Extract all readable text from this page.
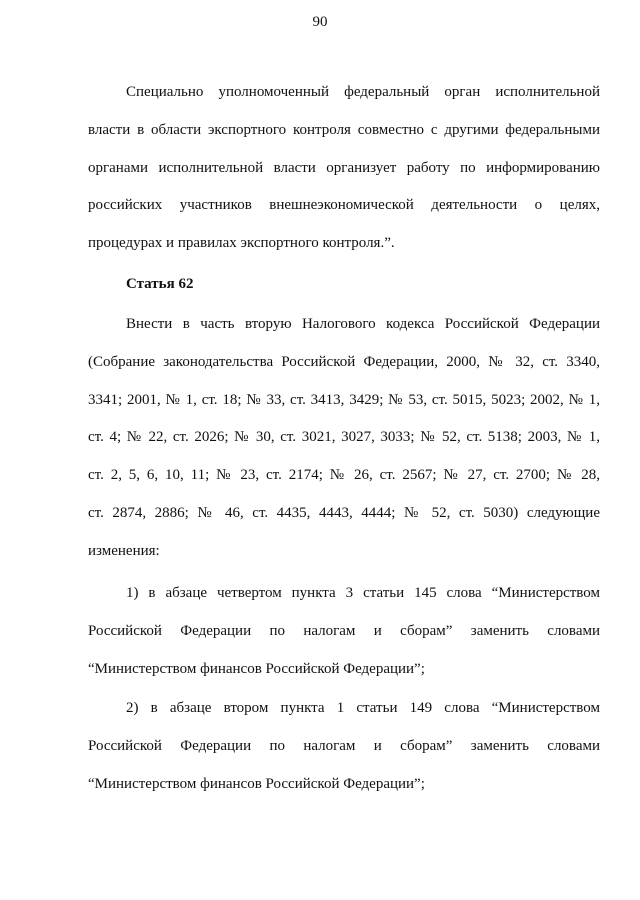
90
Специально уполномоченный федеральный орган исполнительной
власти в области экспортного контроля совместно с другими федеральными
органами исполнительной власти организует работу по информированию
российских участников внешнеэкономической деятельности о целях,
процедурах и правилах экспортного контроля.”.
Статья 62
Внести в часть вторую Налогового кодекса Российской Федерации
(Собрание законодательства Российской Федерации, 2000, № 32, ст. 3340,
3341; 2001, № 1, ст. 18; № 33, ст. 3413, 3429; № 53, ст. 5015, 5023; 2002, № 1,
ст. 4; № 22, ст. 2026; № 30, ст. 3021, 3027, 3033; № 52, ст. 5138; 2003, № 1,
ст. 2, 5, 6, 10, 11; № 23, ст. 2174; № 26, ст. 2567; № 27, ст. 2700; № 28,
ст. 2874, 2886; № 46, ст. 4435, 4443, 4444; № 52, ст. 5030) следующие
изменения:
1) в абзаце четвертом пункта 3 статьи 145 слова “Министерством
Российской Федерации по налогам и сборам” заменить словами
“Министерством финансов Российской Федерации”;
2) в абзаце втором пункта 1 статьи 149 слова “Министерством
Российской Федерации по налогам и сборам” заменить словами
“Министерством финансов Российской Федерации”;
